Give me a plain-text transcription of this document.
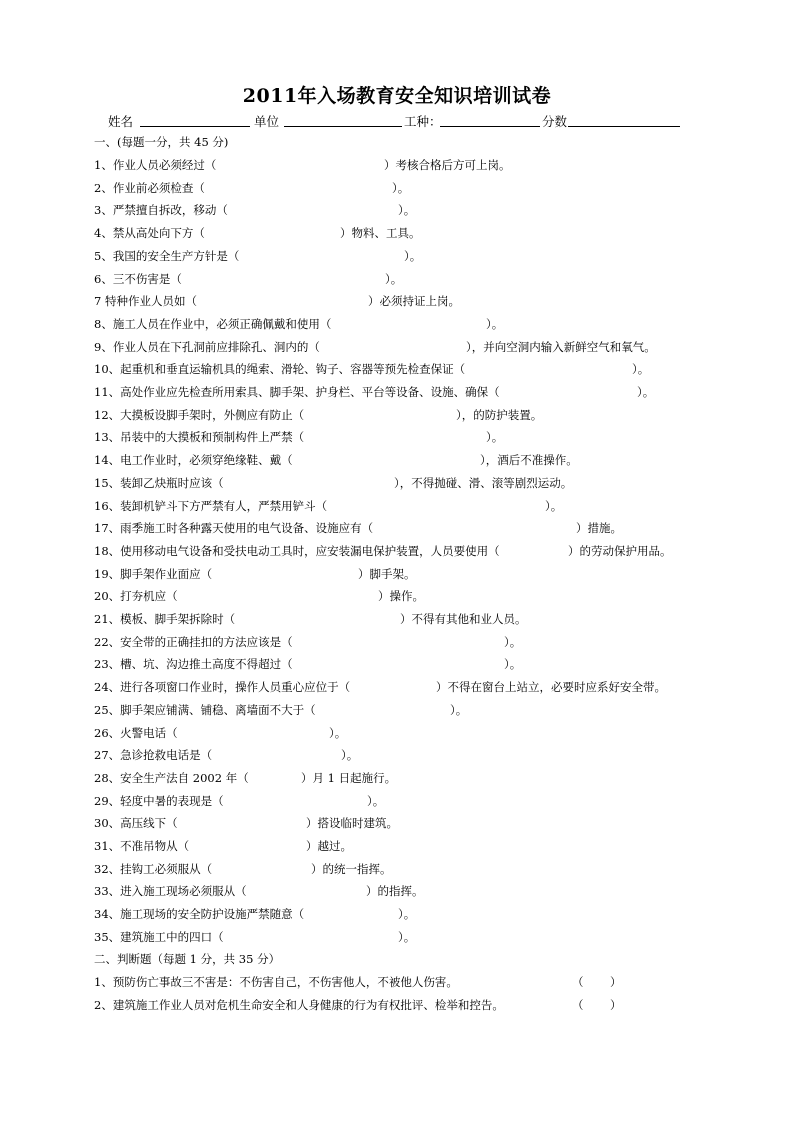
2011年入场教育安全知识培训试卷
姓名	单位	工种：	分数
一、(每题一分，共 45 分)
1、作业人员必须经过（	）考核合格后方可上岗。
2、作业前必须检查（	）。
3、严禁擅自拆改，移动（	）。
4、禁从高处向下方（	）物料、工具。
5、我国的安全生产方针是（	）。
6、三不伤害是（	）。
7 特种作业人员如（	）必须持证上岗。
8、施工人员在作业中，必须正确佩戴和使用（	）。
9、作业人员在下孔洞前应排除孔、洞内的（	），并向空洞内输入新鲜空气和氧气。
10、起重机和垂直运输机具的绳索、滑轮、钩子、容器等预先检查保证（	）。
11、高处作业应先检查所用索具、脚手架、护身栏、平台等设备、设施、确保（	）。
12、大摸板设脚手架时，外侧应有防止（	），的防护装置。
13、吊装中的大摸板和预制构件上严禁（	）。
14、电工作业时，必须穿绝缘鞋、戴（	），酒后不准操作。
15、装卸乙炔瓶时应该（	），不得抛碰、滑、滚等剧烈运动。
16、装卸机铲斗下方严禁有人，严禁用铲斗（	）。
17、雨季施工时各种露天使用的电气设备、设施应有（	）措施。
18、使用移动电气设备和受扶电动工具时，应安装漏电保护装置，人员要使用（	）的劳动保护用品。
19、脚手架作业面应（	）脚手架。
20、打夯机应（	）操作。
21、模板、脚手架拆除时（	）不得有其他和业人员。
22、安全带的正确挂扣的方法应该是（	）。
23、槽、坑、沟边推土高度不得超过（	）。
24、进行各项窗口作业时，操作人员重心应位于（	）不得在窗台上站立，必要时应系好安全带。
25、脚手架应铺满、铺稳、离墙面不大于（	）。
26、火警电话（	）。
27、急诊抢救电话是（	）。
28、安全生产法自 2002 年（	）月 1 日起施行。
29、轻度中暑的表现是（	）。
30、高压线下（	）搭设临时建筑。
31、不准吊物从（	）越过。
32、挂钩工必须服从（	）的统一指挥。
33、进入施工现场必须服从（	）的指挥。
34、施工现场的安全防护设施严禁随意（	）。
35、建筑施工中的四口（	）。
二、判断题（每题 1 分，共 35 分）
1、预防伤亡事故三不害是：不伤害自己，不伤害他人，不被他人伤害。	（ ）
2、建筑施工作业人员对危机生命安全和人身健康的行为有权批评、检举和控告。	（ ）
